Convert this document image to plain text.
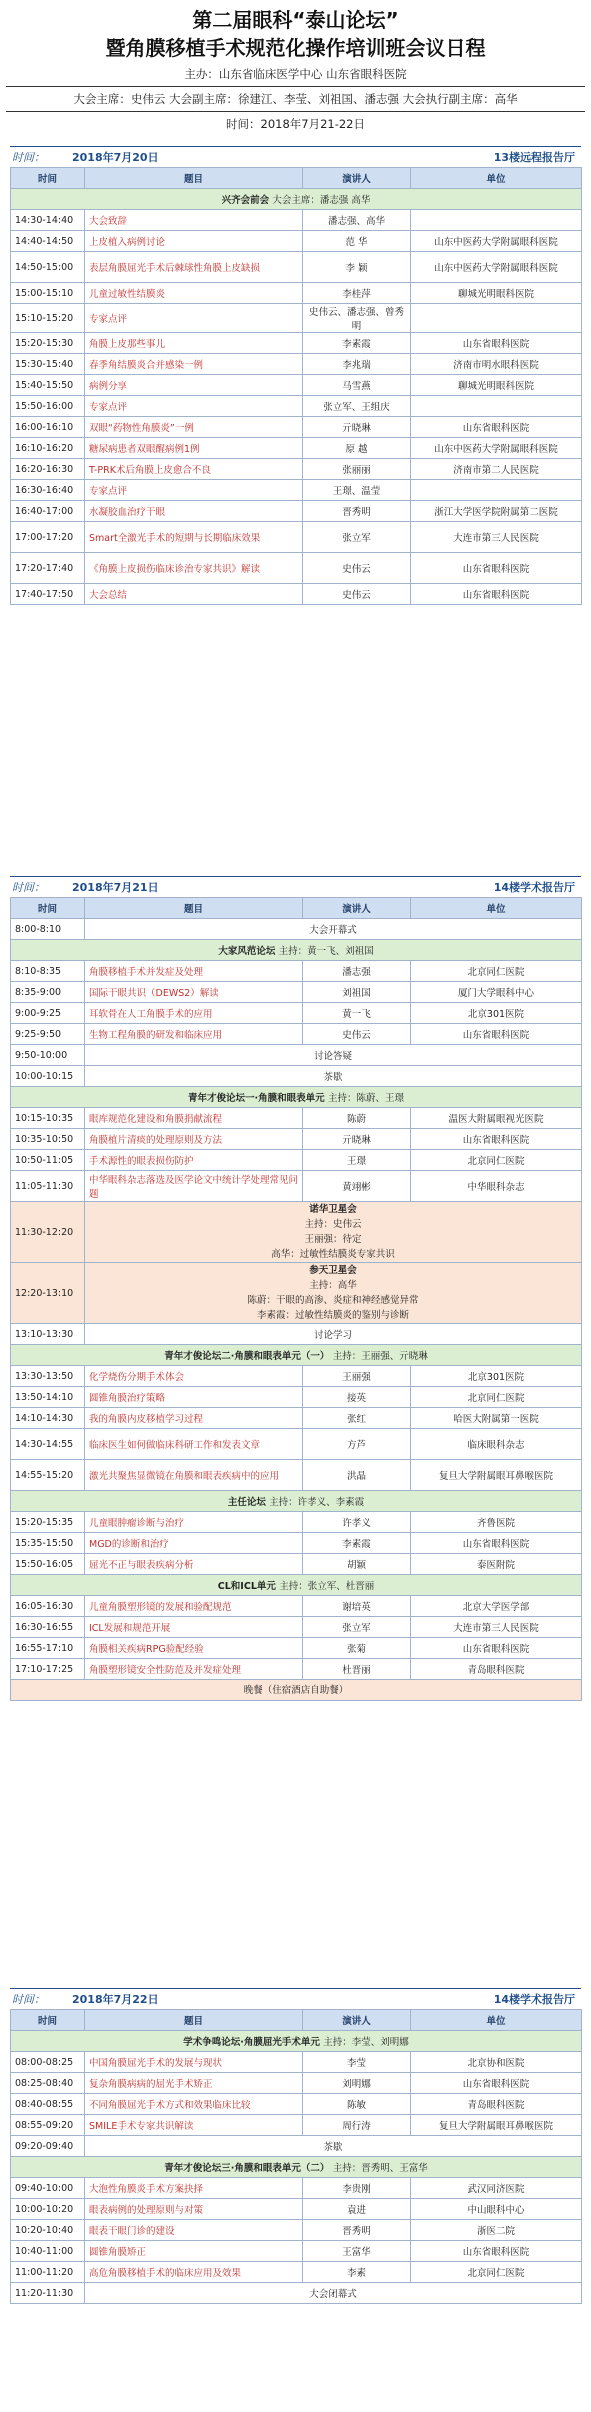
第二届眼科“泰山论坛”
暨角膜移植手术规范化操作培训班会议日程
主办：山东省临床医学中心 山东省眼科医院
大会主席：史伟云 大会副主席：徐建江、李莹、刘祖国、潘志强 大会执行副主席：高华
时间：2018年7月21-22日
时间：	2018年7月20日	13楼远程报告厅
时间	题目	演讲人	单位
兴齐会前会 大会主席：潘志强 高华			
14:30-14:40	大会致辞	潘志强、高华	
14:40-14:50	上皮植入病例讨论	范 华	山东中医药大学附属眼科医院
14:50-15:00	表层角膜屈光手术后棘球性角膜上皮缺损	李 颖	山东中医药大学附属眼科医院
15:00-15:10	儿童过敏性结膜炎	李桂萍	聊城光明眼科医院
15:10-15:20	专家点评	史伟云、潘志强、曾秀明	
15:20-15:30	角膜上皮那些事儿	李素霞	山东省眼科医院
15:30-15:40	春季角结膜炎合并感染一例	李兆瑞	济南市明水眼科医院
15:40-15:50	病例分享	马雪燕	聊城光明眼科医院
15:50-16:00	专家点评	张立军、王组庆	
16:00-16:10	双眼“药物性角膜炎”一例	亓晓琳	山东省眼科医院
16:10-16:20	糖尿病患者双眼醒病例1例	原 越	山东中医药大学附属眼科医院
16:20-16:30	T-PRK术后角膜上皮愈合不良	张丽丽	济南市第二人民医院
16:30-16:40	专家点评	王璟、温莹	
16:40-17:00	水凝胶血治疗干眼	晋秀明	浙江大学医学院附属第二医院
17:00-17:20	Smart全激光手术的短期与长期临床效果	张立军	大连市第三人民医院
17:20-17:40	《角膜上皮损伤临床诊治专家共识》解读	史伟云	山东省眼科医院
17:40-17:50	大会总结	史伟云	山东省眼科医院
时间：	2018年7月21日	14楼学术报告厅
时间	题目	演讲人	单位
8:00-8:10	大会开幕式		
大家风范论坛 主持：黄一飞、刘祖国			
8:10-8:35	角膜移植手术并发症及处理	潘志强	北京同仁医院
8:35-9:00	国际干眼共识（DEWS2）解读	刘祖国	厦门大学眼科中心
9:00-9:25	耳软骨在人工角膜手术的应用	黄一飞	北京301医院
9:25-9:50	生物工程角膜的研发和临床应用	史伟云	山东省眼科医院
9:50-10:00	讨论答疑		
10:00-10:15	茶歇		
青年才俊论坛一·角膜和眼表单元 主持：陈蔚、王璟			
10:15-10:35	眼库规范化建设和角膜捐献流程	陈蔚	温医大附属眼视光医院
10:35-10:50	角膜植片清痰的处理原则及方法	亓晓琳	山东省眼科医院
10:50-11:05	手术源性的眼表损伤防护	王璟	北京同仁医院
11:05-11:30	中华眼科杂志落选及医学论文中统计学处理常见问题	黄翊彬	中华眼科杂志
11:30-12:20	诺华卫星会
主持：史伟云
王丽强：待定
高华：过敏性结膜炎专家共识		

12:20-13:10	参天卫星会
主持：高华
陈蔚：干眼的高渗、炎症和神经感觉异常
李素霞：过敏性结膜炎的鉴别与诊断		

13:10-13:30	讨论学习		
青年才俊论坛二·角膜和眼表单元（一） 主持：王丽强、亓晓琳			
13:30-13:50	化学烧伤分期手术体会	王丽强	北京301医院
13:50-14:10	圆锥角膜治疗策略	接英	北京同仁医院
14:10-14:30	我的角膜内皮移植学习过程	张红	哈医大附属第一医院
14:30-14:55	临床医生如何做临床科研工作和发表文章	方芦	临床眼科杂志
14:55-15:20	激光共聚焦显微镜在角膜和眼表疾病中的应用	洪晶	复旦大学附属眼耳鼻喉医院
主任论坛 主持：许孝义、李素霞			
15:20-15:35	儿童眼肿瘤诊断与治疗	许孝义	齐鲁医院
15:35-15:50	MGD的诊断和治疗	李素霞	山东省眼科医院
15:50-16:05	屈光不正与眼表疾病分析	胡颖	泰医附院
CL和ICL单元 主持：张立军、杜晋丽			
16:05-16:30	儿童角膜塑形镜的发展和验配规范	谢培英	北京大学医学部
16:30-16:55	ICL发展和规范开展	张立军	大连市第三人民医院
16:55-17:10	角膜相关疾病RPG验配经验	张菊	山东省眼科医院
17:10-17:25	角膜塑形镜安全性防范及并发症处理	杜晋丽	青岛眼科医院
晚餐（住宿酒店自助餐）			
时间：	2018年7月22日	14楼学术报告厅
时间	题目	演讲人	单位
学术争鸣论坛·角膜屈光手术单元 主持：李莹、刘明娜			
08:00-08:25	中国角膜屈光手术的发展与现状	李莹	北京协和医院
08:25-08:40	复杂角膜病病的屈光手术矫正	刘明娜	山东省眼科医院
08:40-08:55	不同角膜屈光手术方式和效果临床比较	陈敏	青岛眼科医院
08:55-09:20	SMILE手术专家共识解读	周行涛	复旦大学附属眼耳鼻喉医院
09:20-09:40	茶歇		
青年才俊论坛三·角膜和眼表单元（二） 主持：晋秀明、王富华			
09:40-10:00	大泡性角膜炎手术方案抉择	李贵刚	武汉同济医院
10:00-10:20	眼表病例的处理原则与对策	袁进	中山眼科中心
10:20-10:40	眼表干眼门诊的建设	晋秀明	浙医二院
10:40-11:00	圆锥角膜矫正	王富华	山东省眼科医院
11:00-11:20	高危角膜移植手术的临床应用及效果	李素	北京同仁医院
11:20-11:30	大会闭幕式		
